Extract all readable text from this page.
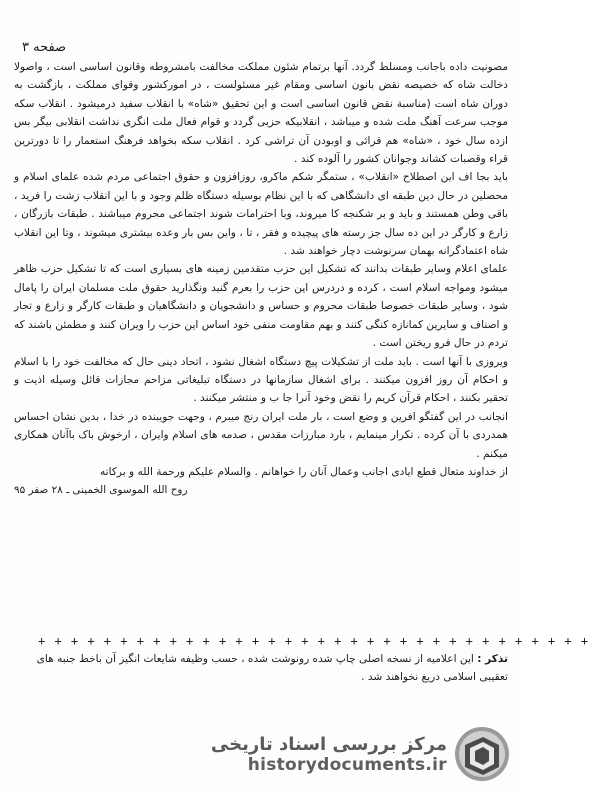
صفحه ۳

مصونیت داده باجانب ومسلط گردد. آنها برتمام شئون مملکت مخالفت بامشروطه وقانون اساسی است ، واصولا دخالت شاه که خصیصه نقض بانون اساسی ومقام غیر مسئولست ، در امورکشور وقوای مملکت ، بازگشت به دوران شاه است (مناسبة نقض قانون اساسی است و این تحقیق «شاه» با انقلاب سفید درمیشود . انقلاب سکه موجب سرعت آهنگ ملت شده و میباشد ، انقلابیکه حزبی گردد و قوام فعال ملت انگری نداشت انقلابی بیگر بس ازده سال خود ، «شاه» هم قرائی و اوبودن آن تراشی کرد . انقلاب سکه بخواهد فرهنگ استعمار را تا دورترین قراء وقصبات کشاند وجوانان کشور را آلوده کند .

باید بجا اف این اصطلاح «انقلاب» ، ستمگر شکم ماکرو، روزافزون و حقوق اجتماعی مردم شده علمای اسلام و محصلین در حال دین طبقه ای دانشگاهی که با این نظام بوسیله دستگاه ظلم وجود و با این انقلاب زشت را فرید ، باقی وطن همستند و باید و بر شکنجه کا میروند، وبا احترامات شوند اجتماعی محروم میباشند . طبقات بازرگان ، زارع و کارگر در این ده سال جز رسته های پیچیده و فقر ، تا ، واین بس بار وعده بیشتری میشوند ، وتا این انقلاب شاه اعتمادگرانه بهمان سرنوشت دچار خواهند شد .

علمای اعلام وسایر طبقات بدانند که تشکیل این حزب متقدمین زمینه های بسیاری است که تا تشکیل حزب ظاهر میشود ومواجه اسلام است ، کرده و دردرس این حزب را بعرم گنید ونگذارید حقوق ملت مسلمان ایران را پامال شود ، وسایر طبقات خصوصا طبقات محروم و حساس و دانشجویان و دانشگاهیان و طبقات کارگر و زارع و تجار و اصناف و سایرین کمانازه کنگی کنند و بهم مقاومت منفی خود اساس این حزب را ویران کنند و مطمئن باشند که تردم در حال فرو ریختن است .

ویروزی با آنها است . باید ملت از تشکیلات پیچ دستگاه اشغال نشود ، اتحاد دینی حال که مخالفت خود را با اسلام و احکام آن روز افزون میکنند . برای اشغال سازمانها در دستگاه تبلیغاتی مزاحم مجازات قائل وسیله اذیت و تحقیر بکنند ، احکام قرآن کریم را نقض وخود آنرا جا ب و منتشر میکنند .

انجانب در این گفتگو افرین و وضع است ، بار ملت ایران رنج میبرم ، وجهت جویبنده در خدا ، بدین نشان احساس همدردی با آن کرده . تکرار مینمایم ، بارد مبارزات مقدس ، صدمه های اسلام وایران ، ارخوش باک باآنان همکاری میکنم .

از خداوند متعال قطع ایادی اجانب وعمال آنان را خواهانم . والسلام علیکم ورحمة الله و برکاته

روح الله الموسوی الخمینی ـ ۲۸ صفر ۹۵

+ + + + + + + + + + + + + + + + + + + + + + + + + + + + + + + + + +
تذکر : این اعلامیه از نسخه اصلی چاپ شده رونوشت شده ، حسب وظیفه شایعات انگیز آن باخط جنبه های تعقیبی اسلامی دریغ نخواهند شد .
مرکز بررسی اسناد تاریخی
historydocuments.ir
